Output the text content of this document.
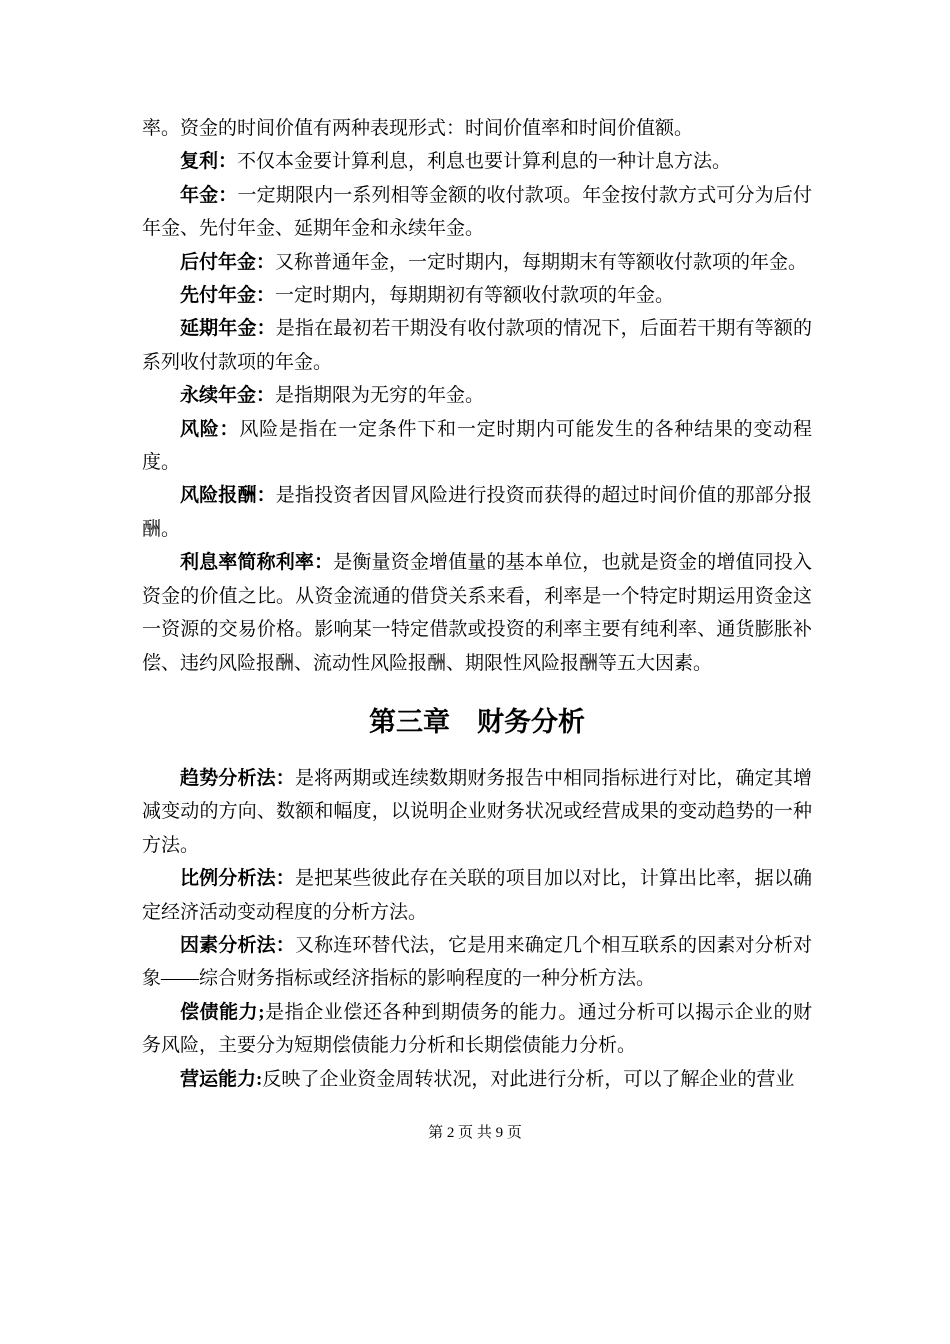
率。资金的时间价值有两种表现形式：时间价值率和时间价值额。

复利：不仅本金要计算利息，利息也要计算利息的一种计息方法。

年金：一定期限内一系列相等金额的收付款项。年金按付款方式可分为后付年金、先付年金、延期年金和永续年金。

后付年金：又称普通年金，一定时期内，每期期末有等额收付款项的年金。

先付年金：一定时期内，每期期初有等额收付款项的年金。

延期年金：是指在最初若干期没有收付款项的情况下，后面若干期有等额的系列收付款项的年金。

永续年金：是指期限为无穷的年金。

风险：风险是指在一定条件下和一定时期内可能发生的各种结果的变动程度。

风险报酬：是指投资者因冒风险进行投资而获得的超过时间价值的那部分报酬。

利息率简称利率：是衡量资金增值量的基本单位，也就是资金的增值同投入资金的价值之比。从资金流通的借贷关系来看，利率是一个特定时期运用资金这一资源的交易价格。影响某一特定借款或投资的利率主要有纯利率、通货膨胀补偿、违约风险报酬、流动性风险报酬、期限性风险报酬等五大因素。

第三章　财务分析

趋势分析法：是将两期或连续数期财务报告中相同指标进行对比，确定其增减变动的方向、数额和幅度，以说明企业财务状况或经营成果的变动趋势的一种方法。

比例分析法：是把某些彼此存在关联的项目加以对比，计算出比率，据以确定经济活动变动程度的分析方法。

因素分析法：又称连环替代法，它是用来确定几个相互联系的因素对分析对象——综合财务指标或经济指标的影响程度的一种分析方法。

偿债能力;是指企业偿还各种到期债务的能力。通过分析可以揭示企业的财务风险，主要分为短期偿债能力分析和长期偿债能力分析。

营运能力:反映了企业资金周转状况，对此进行分析，可以了解企业的营业

第 2 页 共 9 页
